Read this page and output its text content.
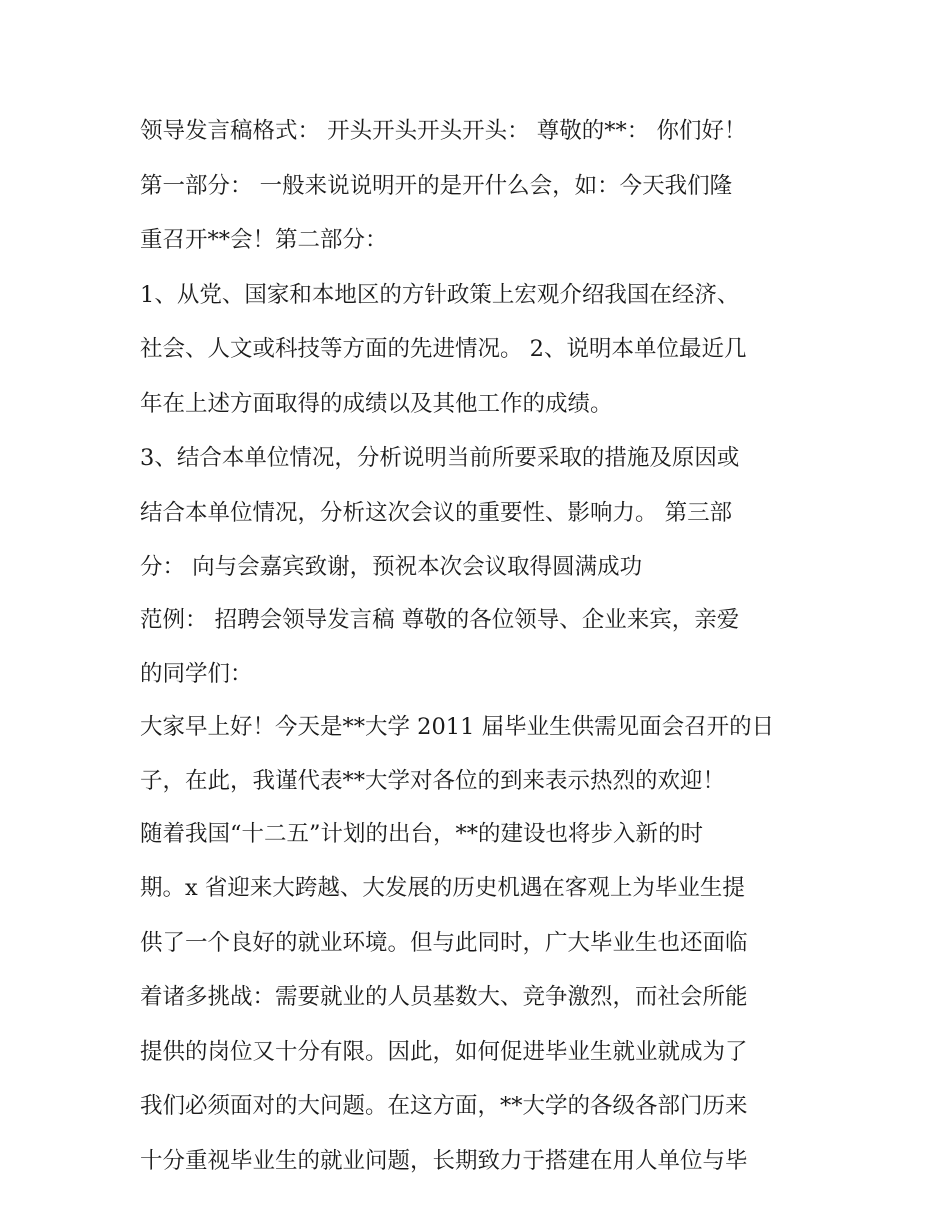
领导发言稿格式： 开头开头开头开头： 尊敬的**： 你们好！
第一部分： 一般来说说明开的是开什么会，如：今天我们隆
重召开**会！第二部分：
1、从党、国家和本地区的方针政策上宏观介绍我国在经济、
社会、人文或科技等方面的先进情况。 2、说明本单位最近几
年在上述方面取得的成绩以及其他工作的成绩。
3、结合本单位情况，分析说明当前所要采取的措施及原因或
结合本单位情况，分析这次会议的重要性、影响力。 第三部
分： 向与会嘉宾致谢，预祝本次会议取得圆满成功
范例： 招聘会领导发言稿 尊敬的各位领导、企业来宾，亲爱
的同学们：
大家早上好！今天是**大学 2011 届毕业生供需见面会召开的日
子，在此，我谨代表**大学对各位的到来表示热烈的欢迎！
随着我国“十二五”计划的出台，**的建设也将步入新的时
期。x 省迎来大跨越、大发展的历史机遇在客观上为毕业生提
供了一个良好的就业环境。但与此同时，广大毕业生也还面临
着诸多挑战：需要就业的人员基数大、竞争激烈，而社会所能
提供的岗位又十分有限。因此，如何促进毕业生就业就成为了
我们必须面对的大问题。在这方面，**大学的各级各部门历来
十分重视毕业生的就业问题，长期致力于搭建在用人单位与毕
